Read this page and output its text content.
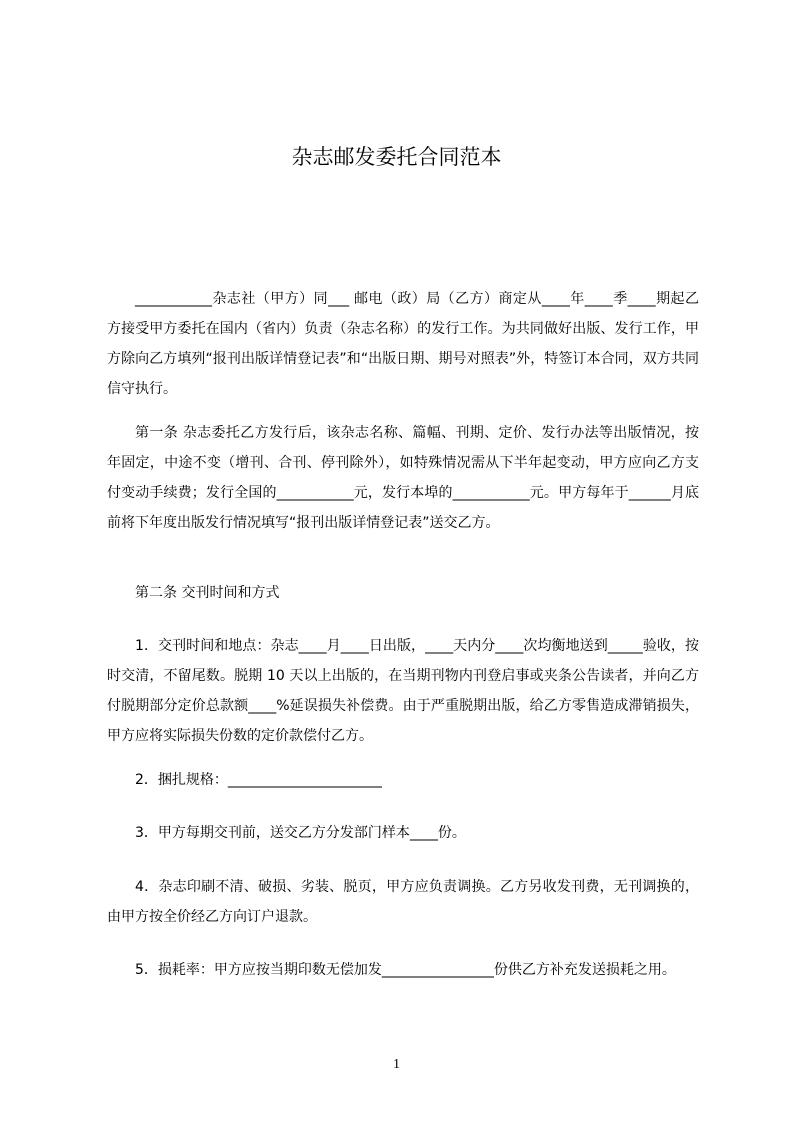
杂志邮发委托合同范本

___________杂志社（甲方）同___ 邮电（政）局（乙方）商定从____年____季____期起乙方接受甲方委托在国内（省内）负责（杂志名称）的发行工作。为共同做好出版、发行工作，甲方除向乙方填列“报刊出版详情登记表”和“出版日期、期号对照表”外，特签订本合同，双方共同信守执行。

第一条 杂志委托乙方发行后，该杂志名称、篇幅、刊期、定价、发行办法等出版情况，按年固定，中途不变（增刊、合刊、停刊除外），如特殊情况需从下半年起变动，甲方应向乙方支付变动手续费；发行全国的___________元，发行本埠的___________元。甲方每年于______月底前将下年度出版发行情况填写“报刊出版详情登记表”送交乙方。

第二条 交刊时间和方式

1．交刊时间和地点：杂志____月____日出版，____天内分____次均衡地送到_____验收，按时交清，不留尾数。脱期 10 天以上出版的，在当期刊物内刊登启事或夹条公告读者，并向乙方付脱期部分定价总款额____%延误损失补偿费。由于严重脱期出版，给乙方零售造成滞销损失，甲方应将实际损失份数的定价款偿付乙方。

2．捆扎规格：______________________

3．甲方每期交刊前，送交乙方分发部门样本____份。

4．杂志印刷不清、破损、劣装、脱页，甲方应负责调换。乙方另收发刊费，无刊调换的，由甲方按全价经乙方向订户退款。

5．损耗率：甲方应按当期印数无偿加发________________份供乙方补充发送损耗之用。

1
